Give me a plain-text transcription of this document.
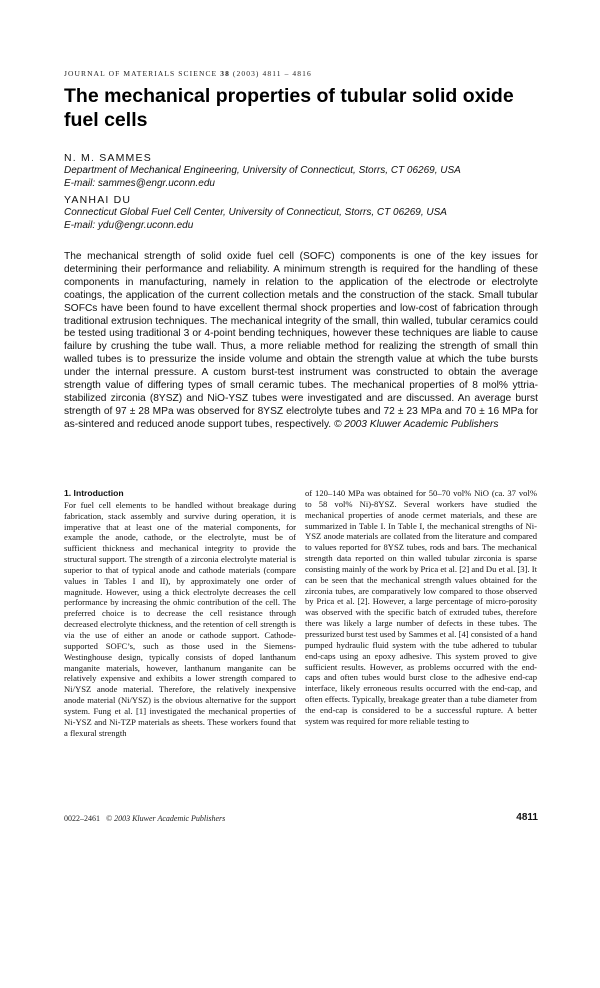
JOURNAL OF MATERIALS SCIENCE 38 (2003) 4811 – 4816
The mechanical properties of tubular solid oxide fuel cells
N. M. SAMMES
Department of Mechanical Engineering, University of Connecticut, Storrs, CT 06269, USA
E-mail: sammes@engr.uconn.edu
YANHAI DU
Connecticut Global Fuel Cell Center, University of Connecticut, Storrs, CT 06269, USA
E-mail: ydu@engr.uconn.edu

The mechanical strength of solid oxide fuel cell (SOFC) components is one of the key issues for determining their performance and reliability. A minimum strength is required for the handling of these components in manufacturing, namely in relation to the application of the electrode or electrolyte coatings, the application of the current collection metals and the construction of the stack. Small tubular SOFCs have been found to have excellent thermal shock properties and low-cost of fabrication through traditional extrusion techniques. The mechanical integrity of the small, thin walled, tubular ceramics could be tested using traditional 3 or 4-point bending techniques, however these techniques are liable to cause failure by crushing the tube wall. Thus, a more reliable method for realizing the strength of small thin walled tubes is to pressurize the inside volume and obtain the strength value at which the tube bursts under the internal pressure. A custom burst-test instrument was constructed to obtain the average strength value of differing types of small ceramic tubes. The mechanical properties of 8 mol% yttria-stabilized zirconia (8YSZ) and NiO-YSZ tubes were investigated and are discussed. An average burst strength of 97 ± 28 MPa was observed for 8YSZ electrolyte tubes and 72 ± 23 MPa and 70 ± 16 MPa for as-sintered and reduced anode support tubes, respectively. © 2003 Kluwer Academic Publishers

1. Introduction

For fuel cell elements to be handled without breakage during fabrication, stack assembly and survive during operation, it is imperative that at least one of the material components, for example the anode, cathode, or the electrolyte, must be of sufficient thickness and mechanical integrity to provide the structural support. The strength of a zirconia electrolyte material is superior to that of typical anode and cathode materials (compare values in Tables I and II), by approximately one order of magnitude. However, using a thick electrolyte decreases the cell performance by increasing the ohmic contribution of the cell. The preferred choice is to decrease the cell resistance through decreased electrolyte thickness, and the retention of cell strength is via the use of either an anode or cathode support. Cathode-supported SOFC’s, such as those used in the Siemens-Westinghouse design, typically consists of doped lanthanum manganite materials, however, lanthanum manganite can be relatively expensive and exhibits a lower strength compared to Ni/YSZ anode material. Therefore, the relatively inexpensive anode material (Ni/YSZ) is the obvious alternative for the support system. Fung et al. [1] investigated the mechanical properties of Ni-YSZ and Ni-TZP materials as sheets. These workers found that a flexural strength

of 120–140 MPa was obtained for 50–70 vol% NiO (ca. 37 vol% to 58 vol% Ni)-8YSZ. Several workers have studied the mechanical properties of anode cermet materials, and these are summarized in Table I. In Table I, the mechanical strengths of Ni-YSZ anode materials are collated from the literature and compared to values reported for 8YSZ tubes, rods and bars. The mechanical strength data reported on thin walled tubular zirconia is sparse consisting mainly of the work by Prica et al. [2] and Du et al. [3]. It can be seen that the mechanical strength values obtained for the zirconia tubes, are comparatively low compared to those observed by Prica et al. [2]. However, a large percentage of micro-porosity was observed with the specific batch of extruded tubes, therefore there was likely a large number of defects in these tubes. The pressurized burst test used by Sammes et al. [4] consisted of a hand pumped hydraulic fluid system with the tube adhered to tubular end-caps using an epoxy adhesive. This system proved to give sufficient results. However, as problems occurred with the end-caps and often tubes would burst close to the adhesive end-cap interface, likely erroneous results occurred with the end-cap, and often effects. Typically, breakage greater than a tube diameter from the end-cap is considered to be a successful rupture. A better system was required for more reliable testing to

0022–2461 © 2003 Kluwer Academic Publishers	4811
